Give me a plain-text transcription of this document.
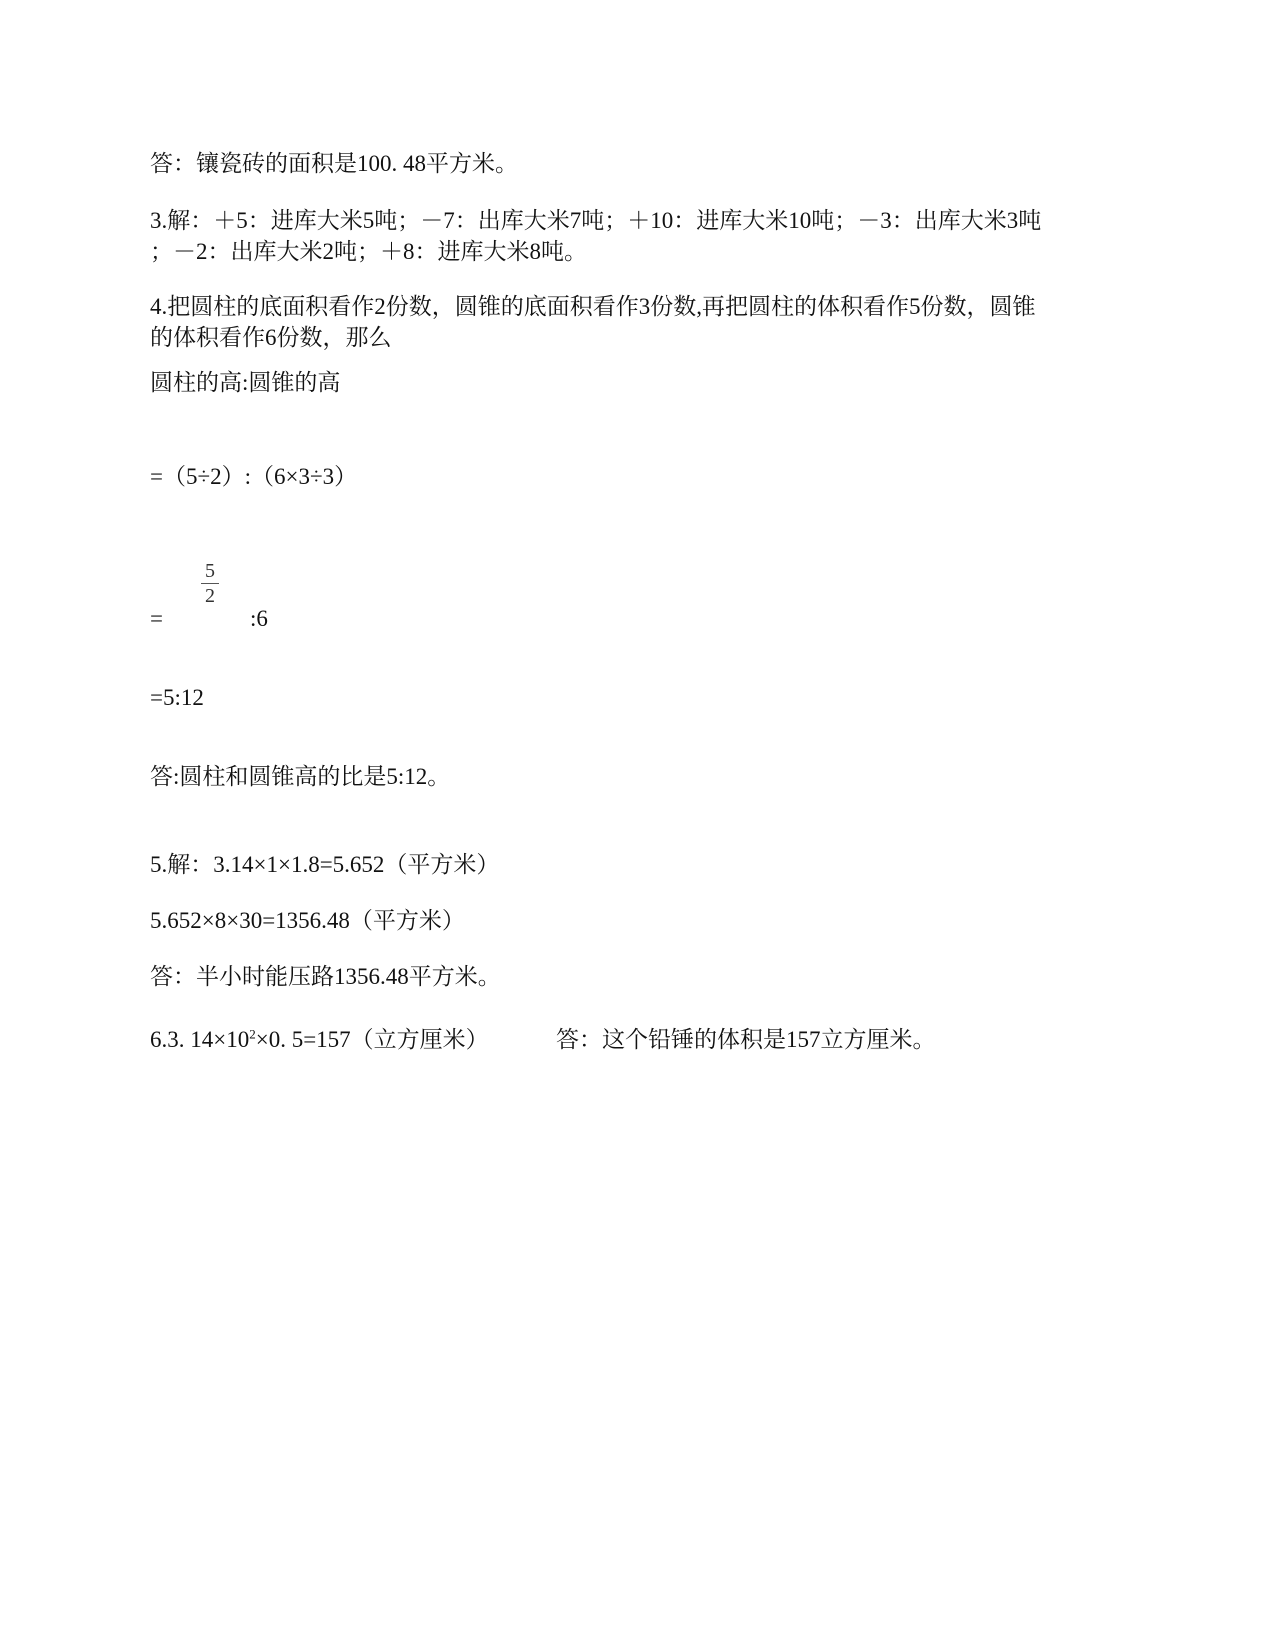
答：镶瓷砖的面积是100. 48平方米。
3.解：＋5：进库大米5吨；－7：出库大米7吨；＋10：进库大米10吨；－3：出库大米3吨
；－2：出库大米2吨；＋8：进库大米8吨。
4.把圆柱的底面积看作2份数，圆锥的底面积看作3份数,再把圆柱的体积看作5份数，圆锥
的体积看作6份数，那么
圆柱的高:圆锥的高
=（5÷2）:（6×3÷3）
5
2
=	:6
=5:12
答:圆柱和圆锥高的比是5:12。
5.解：3.14×1×1.8=5.652（平方米）
5.652×8×30=1356.48（平方米）
答：半小时能压路1356.48平方米。
6.3. $14\times 10^2\times 0$. 5=157（立方厘米）	答：这个铅锤的体积是157立方厘米。
